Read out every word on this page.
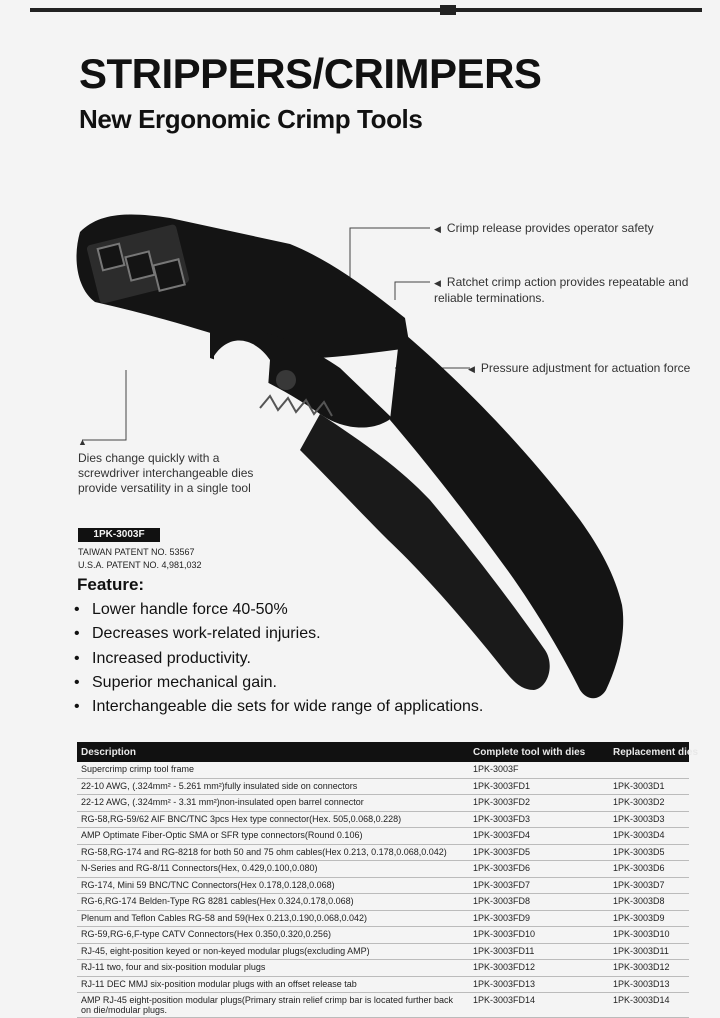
STRIPPERS/CRIMPERS
New Ergonomic Crimp Tools
◀ Crimp release provides operator safety
◀ Ratchet crimp action provides repeatable and reliable terminations.
◀ Pressure adjustment for actuation force
▲
Dies change quickly with a screwdriver interchangeable dies provide versatility in a single tool
1PK-3003F
TAIWAN PATENT NO. 53567
U.S.A. PATENT NO. 4,981,032
Feature:
• Lower handle force 40-50%
• Decreases work-related injuries.
• Increased productivity.
• Superior mechanical gain.
• Interchangeable die sets for wide range of applications.
Description	Complete tool with dies	Replacement dies
Supercrimp crimp tool frame	1PK-3003F	
22-10 AWG, (.324mm² - 5.261 mm²)fully insulated side on connectors	1PK-3003FD1	1PK-3003D1
22-12 AWG, (.324mm² - 3.31 mm²)non-insulated open barrel connector	1PK-3003FD2	1PK-3003D2
RG-58,RG-59/62 AIF BNC/TNC 3pcs Hex type connector(Hex. 505,0.068,0.228)	1PK-3003FD3	1PK-3003D3
AMP Optimate Fiber-Optic SMA or SFR type connectors(Round 0.106)	1PK-3003FD4	1PK-3003D4
RG-58,RG-174 and RG-8218 for both 50 and 75 ohm cables(Hex 0.213, 0.178,0.068,0.042)	1PK-3003FD5	1PK-3003D5
N-Series and RG-8/11 Connectors(Hex, 0.429,0.100,0.080)	1PK-3003FD6	1PK-3003D6
RG-174, Mini 59 BNC/TNC Connectors(Hex 0.178,0.128,0.068)	1PK-3003FD7	1PK-3003D7
RG-6,RG-174 Belden-Type RG 8281 cables(Hex 0.324,0.178,0.068)	1PK-3003FD8	1PK-3003D8
Plenum and Teflon Cables RG-58 and 59(Hex 0.213,0.190,0.068,0.042)	1PK-3003FD9	1PK-3003D9
RG-59,RG-6,F-type CATV Connectors(Hex 0.350,0.320,0.256)	1PK-3003FD10	1PK-3003D10
RJ-45, eight-position keyed or non-keyed modular plugs(excluding AMP)	1PK-3003FD11	1PK-3003D11
RJ-11 two, four and six-position modular plugs	1PK-3003FD12	1PK-3003D12
RJ-11 DEC MMJ six-position modular plugs with an offset release tab	1PK-3003FD13	1PK-3003D13
AMP RJ-45 eight-position modular plugs(Primary strain relief crimp bar is located further back on die/modular plugs.	1PK-3003FD14	1PK-3003D14
